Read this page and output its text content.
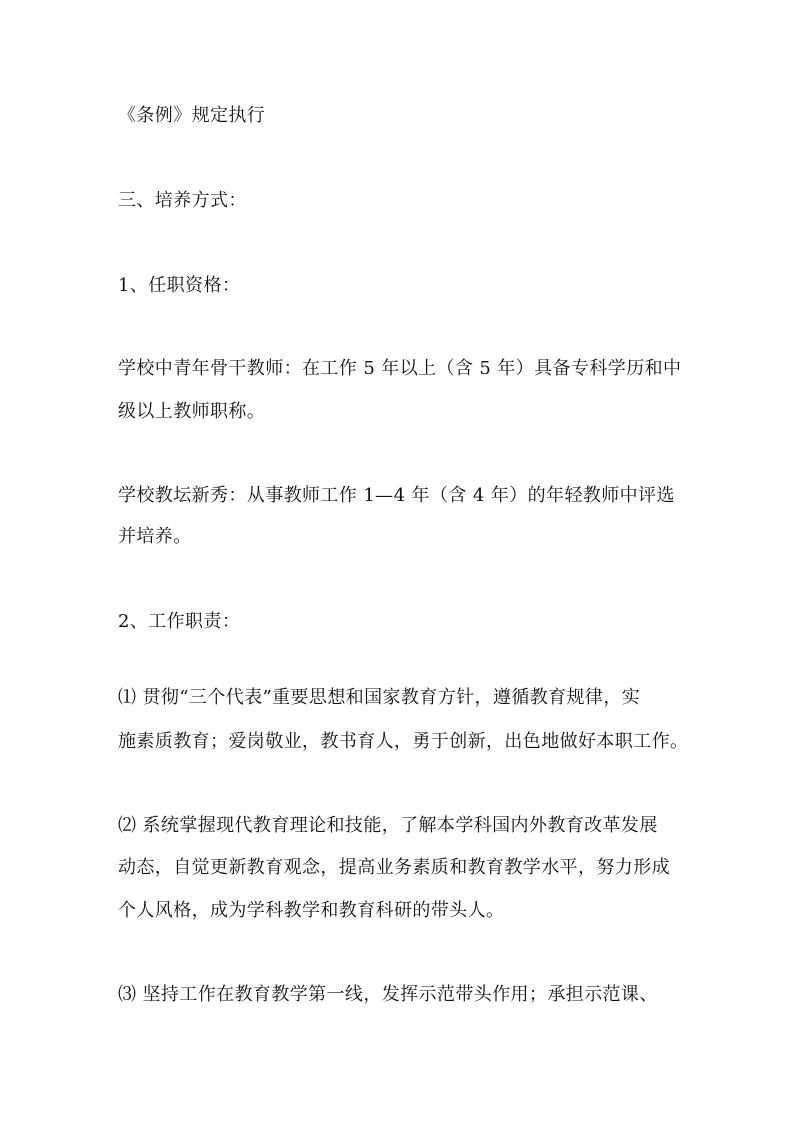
《条例》规定执行
三、培养方式：
1、任职资格：
学校中青年骨干教师：在工作 5 年以上（含 5 年）具备专科学历和中
级以上教师职称。
学校教坛新秀：从事教师工作 1—4 年（含 4 年）的年轻教师中评选
并培养。
2、工作职责：
⑴ 贯彻“三个代表”重要思想和国家教育方针，遵循教育规律，实
施素质教育；爱岗敬业，教书育人，勇于创新，出色地做好本职工作。
⑵ 系统掌握现代教育理论和技能，了解本学科国内外教育改革发展
动态，自觉更新教育观念，提高业务素质和教育教学水平，努力形成
个人风格，成为学科教学和教育科研的带头人。
⑶ 坚持工作在教育教学第一线，发挥示范带头作用；承担示范课、
